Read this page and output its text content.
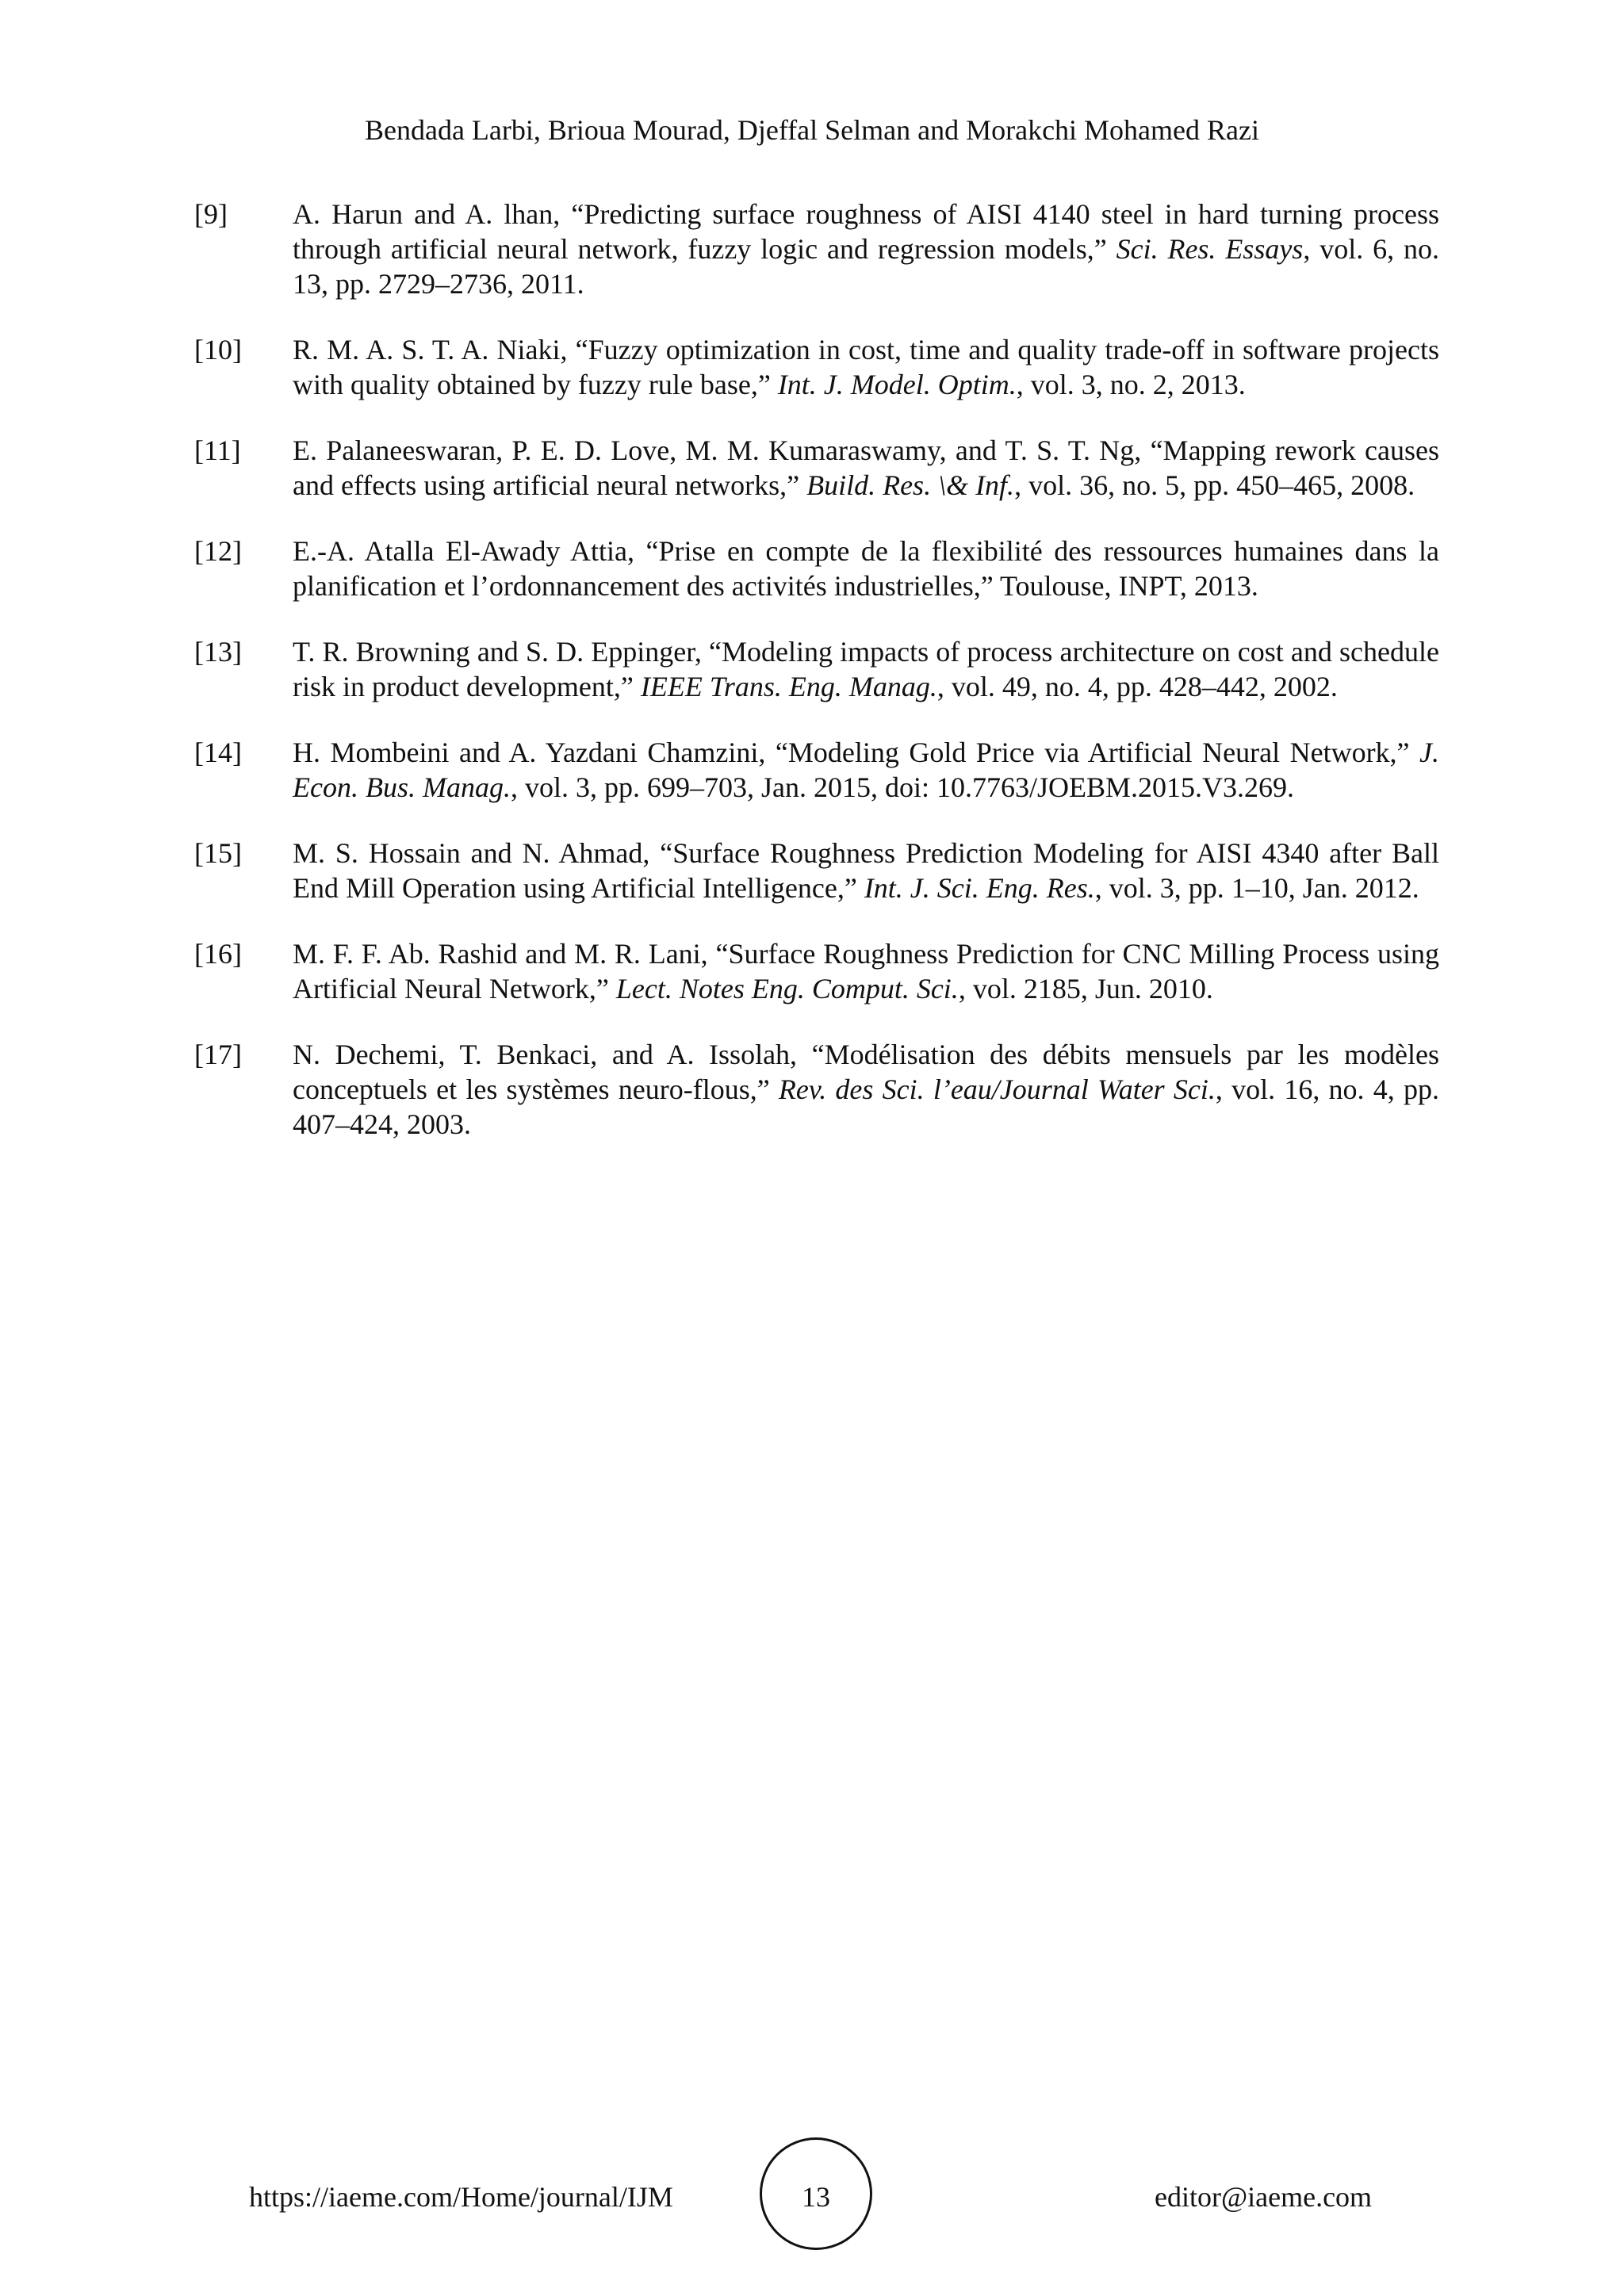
Bendada Larbi, Brioua Mourad, Djeffal Selman and Morakchi Mohamed Razi
[9]	A. Harun and A. lhan, “Predicting surface roughness of AISI 4140 steel in hard turning process through artificial neural network, fuzzy logic and regression models,” Sci. Res. Essays, vol. 6, no. 13, pp. 2729–2736, 2011.
[10]	R. M. A. S. T. A. Niaki, “Fuzzy optimization in cost, time and quality trade-off in software projects with quality obtained by fuzzy rule base,” Int. J. Model. Optim., vol. 3, no. 2, 2013.
[11]	E. Palaneeswaran, P. E. D. Love, M. M. Kumaraswamy, and T. S. T. Ng, “Mapping rework causes and effects using artificial neural networks,” Build. Res. \& Inf., vol. 36, no. 5, pp. 450–465, 2008.
[12]	E.-A. Atalla El-Awady Attia, “Prise en compte de la flexibilité des ressources humaines dans la planification et l’ordonnancement des activités industrielles,” Toulouse, INPT, 2013.
[13]	T. R. Browning and S. D. Eppinger, “Modeling impacts of process architecture on cost and schedule risk in product development,” IEEE Trans. Eng. Manag., vol. 49, no. 4, pp. 428–442, 2002.
[14]	H. Mombeini and A. Yazdani Chamzini, “Modeling Gold Price via Artificial Neural Network,” J. Econ. Bus. Manag., vol. 3, pp. 699–703, Jan. 2015, doi: 10.7763/JOEBM.2015.V3.269.
[15]	M. S. Hossain and N. Ahmad, “Surface Roughness Prediction Modeling for AISI 4340 after Ball End Mill Operation using Artificial Intelligence,” Int. J. Sci. Eng. Res., vol. 3, pp. 1–10, Jan. 2012.
[16]	M. F. F. Ab. Rashid and M. R. Lani, “Surface Roughness Prediction for CNC Milling Process using Artificial Neural Network,” Lect. Notes Eng. Comput. Sci., vol. 2185, Jun. 2010.
[17]	N. Dechemi, T. Benkaci, and A. Issolah, “Modélisation des débits mensuels par les modèles conceptuels et les systèmes neuro-flous,” Rev. des Sci. l’eau/Journal Water Sci., vol. 16, no. 4, pp. 407–424, 2003.
https://iaeme.com/Home/journal/IJM	13	editor@iaeme.com
